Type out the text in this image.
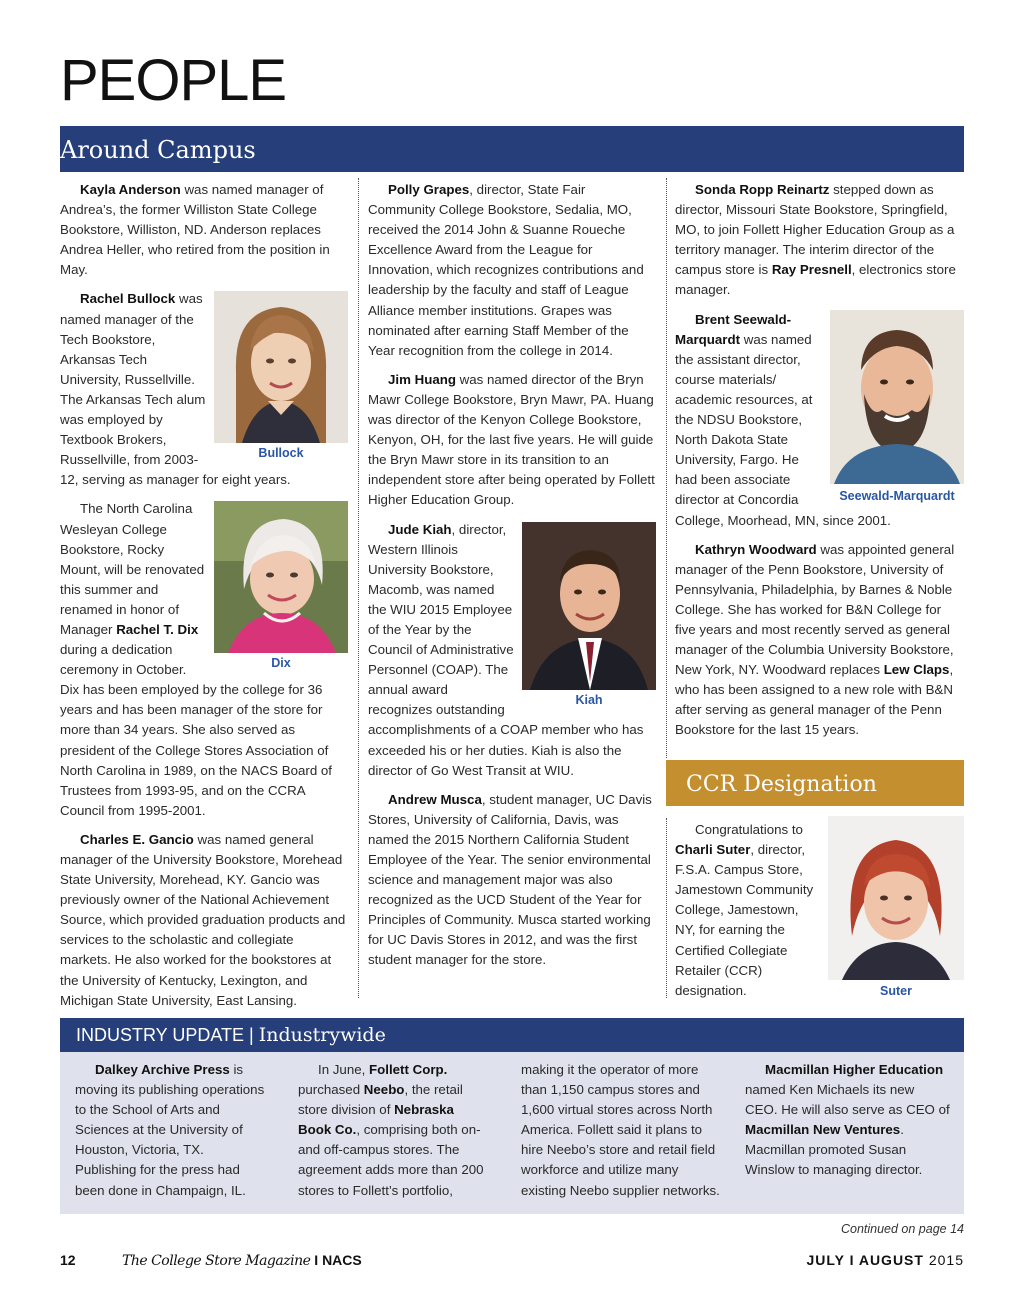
PEOPLE
Around Campus

Kayla Anderson was named manager of Andrea’s, the former Williston State College Bookstore, Williston, ND. Anderson replaces Andrea Heller, who retired from the position in May.

Bullock

Rachel Bullock was named manager of the Tech Bookstore, Arkansas Tech University, Russellville. The Arkansas Tech alum was employed by Textbook Brokers, Russellville, from 2003-12, serving as manager for eight years.

Dix

The North Carolina Wesleyan College Bookstore, Rocky Mount, will be renovated this summer and renamed in honor of Manager Rachel T. Dix during a dedication ceremony in October. Dix has been employed by the college for 36 years and has been manager of the store for more than 34 years. She also served as president of the College Stores Association of North Carolina in 1989, on the NACS Board of Trustees from 1993-95, and on the CCRA Council from 1995-2001.

Charles E. Gancio was named general manager of the University Bookstore, Morehead State University, Morehead, KY. Gancio was previously owner of the National Achievement Source, which provided graduation products and services to the scholastic and collegiate markets. He also worked for the bookstores at the University of Kentucky, Lexington, and Michigan State University, East Lansing.

Polly Grapes, director, State Fair Community College Bookstore, Sedalia, MO, received the 2014 John & Suanne Roueche Excellence Award from the League for Innovation, which recognizes contributions and leadership by the faculty and staff of League Alliance member institutions. Grapes was nominated after earning Staff Member of the Year recognition from the college in 2014.

Jim Huang was named director of the Bryn Mawr College Bookstore, Bryn Mawr, PA. Huang was director of the Kenyon College Bookstore, Kenyon, OH, for the last five years. He will guide the Bryn Mawr store in its transition to an independent store after being operated by Follett Higher Education Group.

Kiah

Jude Kiah, director, Western Illinois University Bookstore, Macomb, was named the WIU 2015 Employee of the Year by the Council of Administrative Personnel (COAP). The annual award recognizes outstanding accomplishments of a COAP member who has exceeded his or her duties. Kiah is also the director of Go West Transit at WIU.

Andrew Musca, student manager, UC Davis Stores, University of California, Davis, was named the 2015 Northern California Student Employee of the Year. The senior environmental science and management major was also recognized as the UCD Student of the Year for Principles of Community. Musca started working for UC Davis Stores in 2012, and was the first student manager for the store.

Sonda Ropp Reinartz stepped down as director, Missouri State Bookstore, Springfield, MO, to join Follett Higher Education Group as a territory manager. The interim director of the campus store is Ray Presnell, electronics store manager.

Seewald-Marquardt

Brent Seewald-Marquardt was named the assistant director, course materials/ academic resources, at the NDSU Bookstore, North Dakota State University, Fargo. He had been associate director at Concordia College, Moorhead, MN, since 2001.

Kathryn Woodward was appointed general manager of the Penn Bookstore, University of Pennsylvania, Philadelphia, by Barnes & Noble College. She has worked for B&N College for five years and most recently served as general manager of the Columbia University Bookstore, New York, NY. Woodward replaces Lew Claps, who has been assigned to a new role with B&N after serving as general manager of the Penn Bookstore for the last 15 years.

CCR Designation
Suter

Congratulations to Charli Suter, director, F.S.A. Campus Store, Jamestown Community College, Jamestown, NY, for earning the Certified Collegiate Retailer (CCR) designation.

INDUSTRY UPDATE | Industrywide

Dalkey Archive Press is moving its publishing operations to the School of Arts and Sciences at the University of Houston, Victoria, TX. Publishing for the press had been done in Champaign, IL.

In June, Follett Corp. purchased Neebo, the retail store division of Nebraska Book Co., comprising both on- and off-campus stores. The agreement adds more than 200 stores to Follett’s portfolio,

making it the operator of more than 1,150 campus stores and 1,600 virtual stores across North America. Follett said it plans to hire Neebo’s store and retail field workforce and utilize many existing Neebo supplier networks.

Macmillan Higher Education named Ken Michaels its new CEO. He will also serve as CEO of Macmillan New Ventures. Macmillan promoted Susan Winslow to managing director.

Continued on page 14
12	The College Store Magazine I NACS	JULY I AUGUST 2015
